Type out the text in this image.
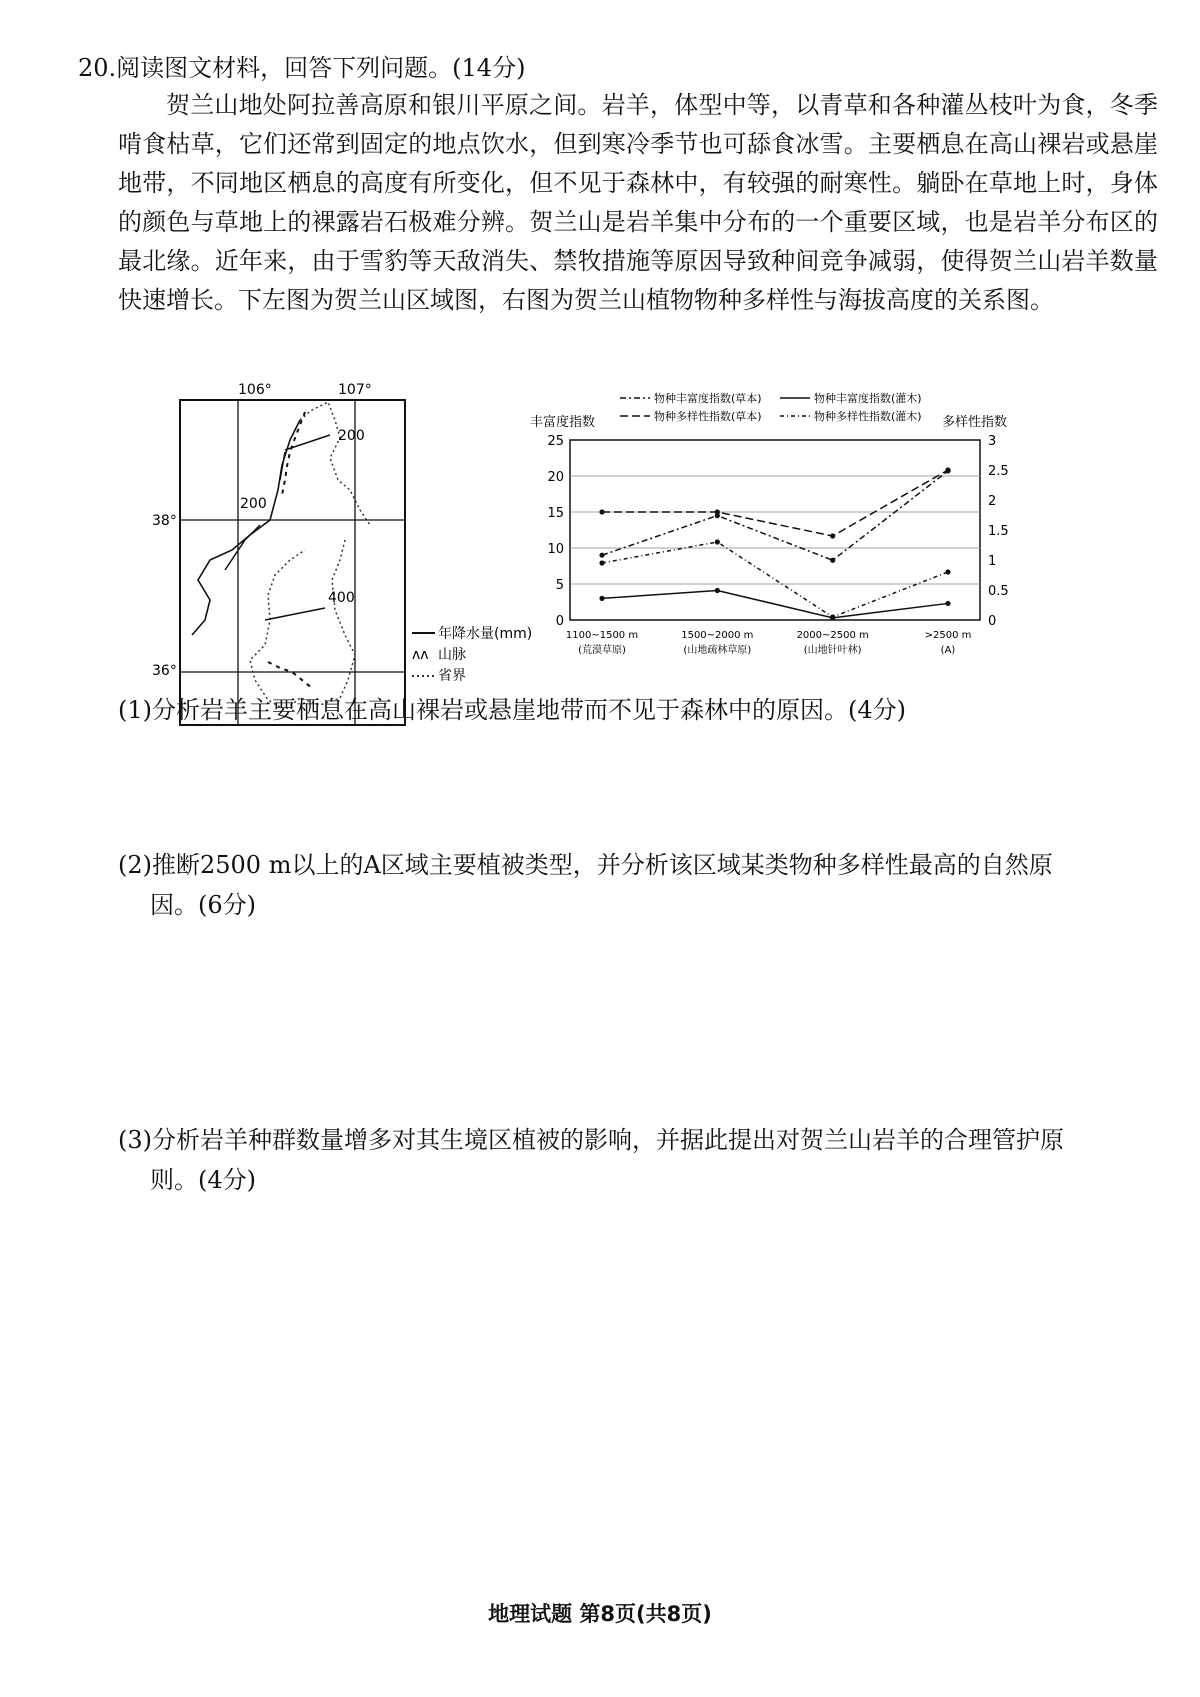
20.阅读图文材料，回答下列问题。(14分)
贺兰山地处阿拉善高原和银川平原之间。岩羊，体型中等，以青草和各种灌丛枝叶为食，冬季啃食枯草，它们还常到固定的地点饮水，但到寒冷季节也可舔食冰雪。主要栖息在高山裸岩或悬崖地带，不同地区栖息的高度有所变化，但不见于森林中，有较强的耐寒性。躺卧在草地上时，身体的颜色与草地上的裸露岩石极难分辨。贺兰山是岩羊集中分布的一个重要区域，也是岩羊分布区的最北缘。近年来，由于雪豹等天敌消失、禁牧措施等原因导致种间竞争减弱，使得贺兰山岩羊数量快速增长。下左图为贺兰山区域图，右图为贺兰山植物物种多样性与海拔高度的关系图。
106°	107°
38°
36°
200
200
400
年降水量(mm)
ᴧᴧ 山脉
省界
物种丰富度指数(草本)	物种丰富度指数(灌木)
物种多样性指数(草本)	物种多样性指数(灌木)
丰富度指数	多样性指数
0
5
10
15
20
25
0
0.5
1
1.5
2
2.5
3
1100~1500 m
(荒漠草原)
1500~2000 m
(山地疏林草原)
2000~2500 m
(山地针叶林)
>2500 m
(A)
(1)分析岩羊主要栖息在高山裸岩或悬崖地带而不见于森林中的原因。(4分)
(2)推断2500 m以上的A区域主要植被类型，并分析该区域某类物种多样性最高的自然原
因。(6分)
(3)分析岩羊种群数量增多对其生境区植被的影响，并据此提出对贺兰山岩羊的合理管护原
则。(4分)
地理试题 第8页(共8页)
